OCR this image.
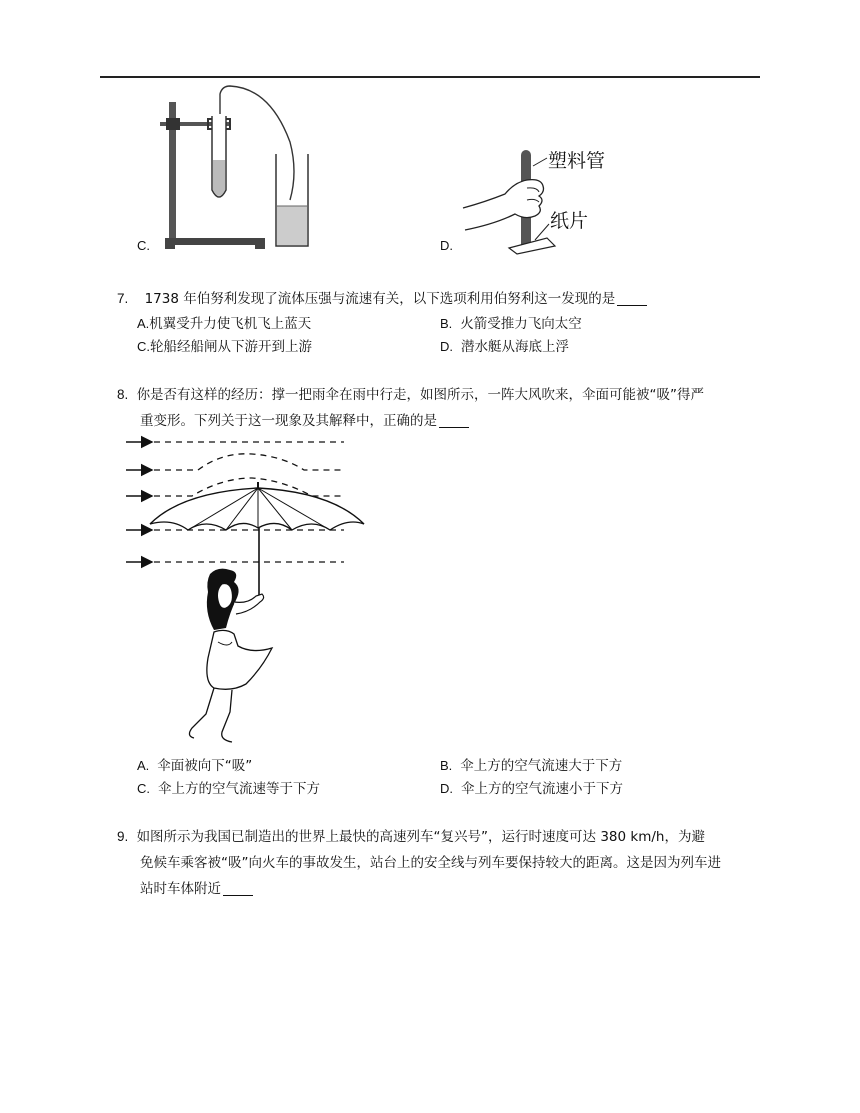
C.
塑料管
纸片
D.
7. 1738 年伯努利发现了流体压强与流速有关，以下选项利用伯努利这一发现的是
A.机翼受升力使飞机飞上蓝天	B. 火箭受推力飞向太空
C.轮船经船闸从下游开到上游	D. 潜水艇从海底上浮
8. 你是否有这样的经历：撑一把雨伞在雨中行走，如图所示，一阵大风吹来，伞面可能被“吸”得严
重变形。下列关于这一现象及其解释中，正确的是
A. 伞面被向下“吸”	B. 伞上方的空气流速大于下方
C. 伞上方的空气流速等于下方	D. 伞上方的空气流速小于下方
9. 如图所示为我国已制造出的世界上最快的高速列车“复兴号”，运行时速度可达 380 km/h，为避
免候车乘客被“吸”向火车的事故发生，站台上的安全线与列车要保持较大的距离。这是因为列车进
站时车体附近
